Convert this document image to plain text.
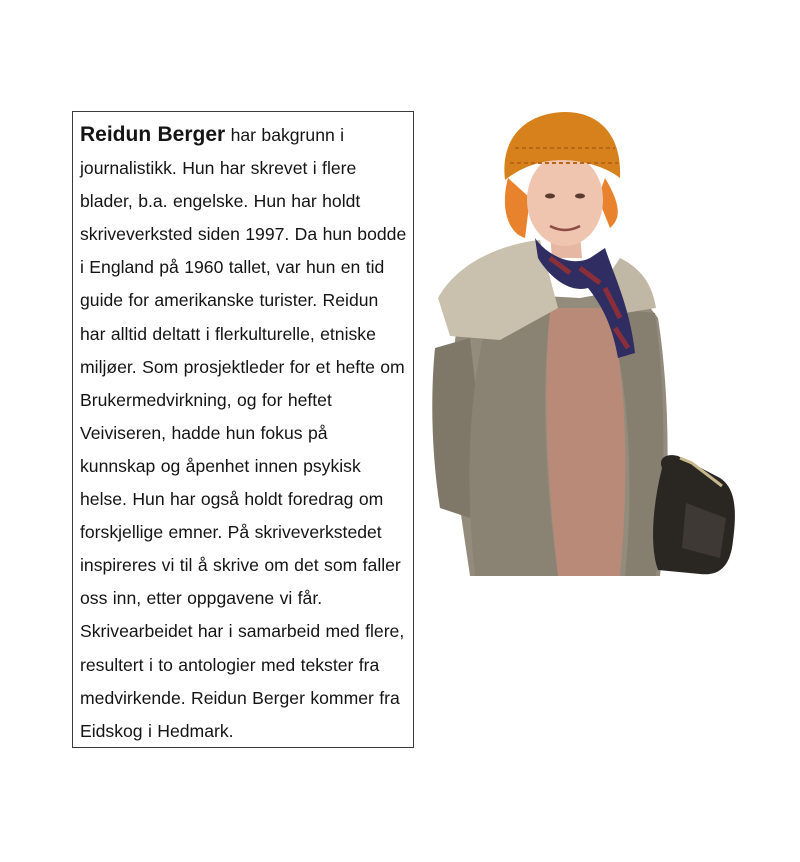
Reidun Berger har bakgrunn i journalistikk. Hun har skrevet i flere blader, b.a. engelske. Hun har holdt skriveverksted siden 1997. Da hun bodde i England på 1960 tallet, var hun en tid guide for amerikanske turister. Reidun har alltid deltatt i flerkulturelle, etniske miljøer. Som prosjektleder for et hefte om Brukermedvirkning, og for heftet Veiviseren, hadde hun fokus på kunnskap og åpenhet innen psykisk helse. Hun har også holdt foredrag om forskjellige emner. På skriveverkstedet inspireres vi til å skrive om det som faller oss inn, etter oppgavene vi får. Skrivearbeidet har i samarbeid med flere, resultert i to antologier med tekster fra medvirkende. Reidun Berger kommer fra Eidskog i Hedmark.
